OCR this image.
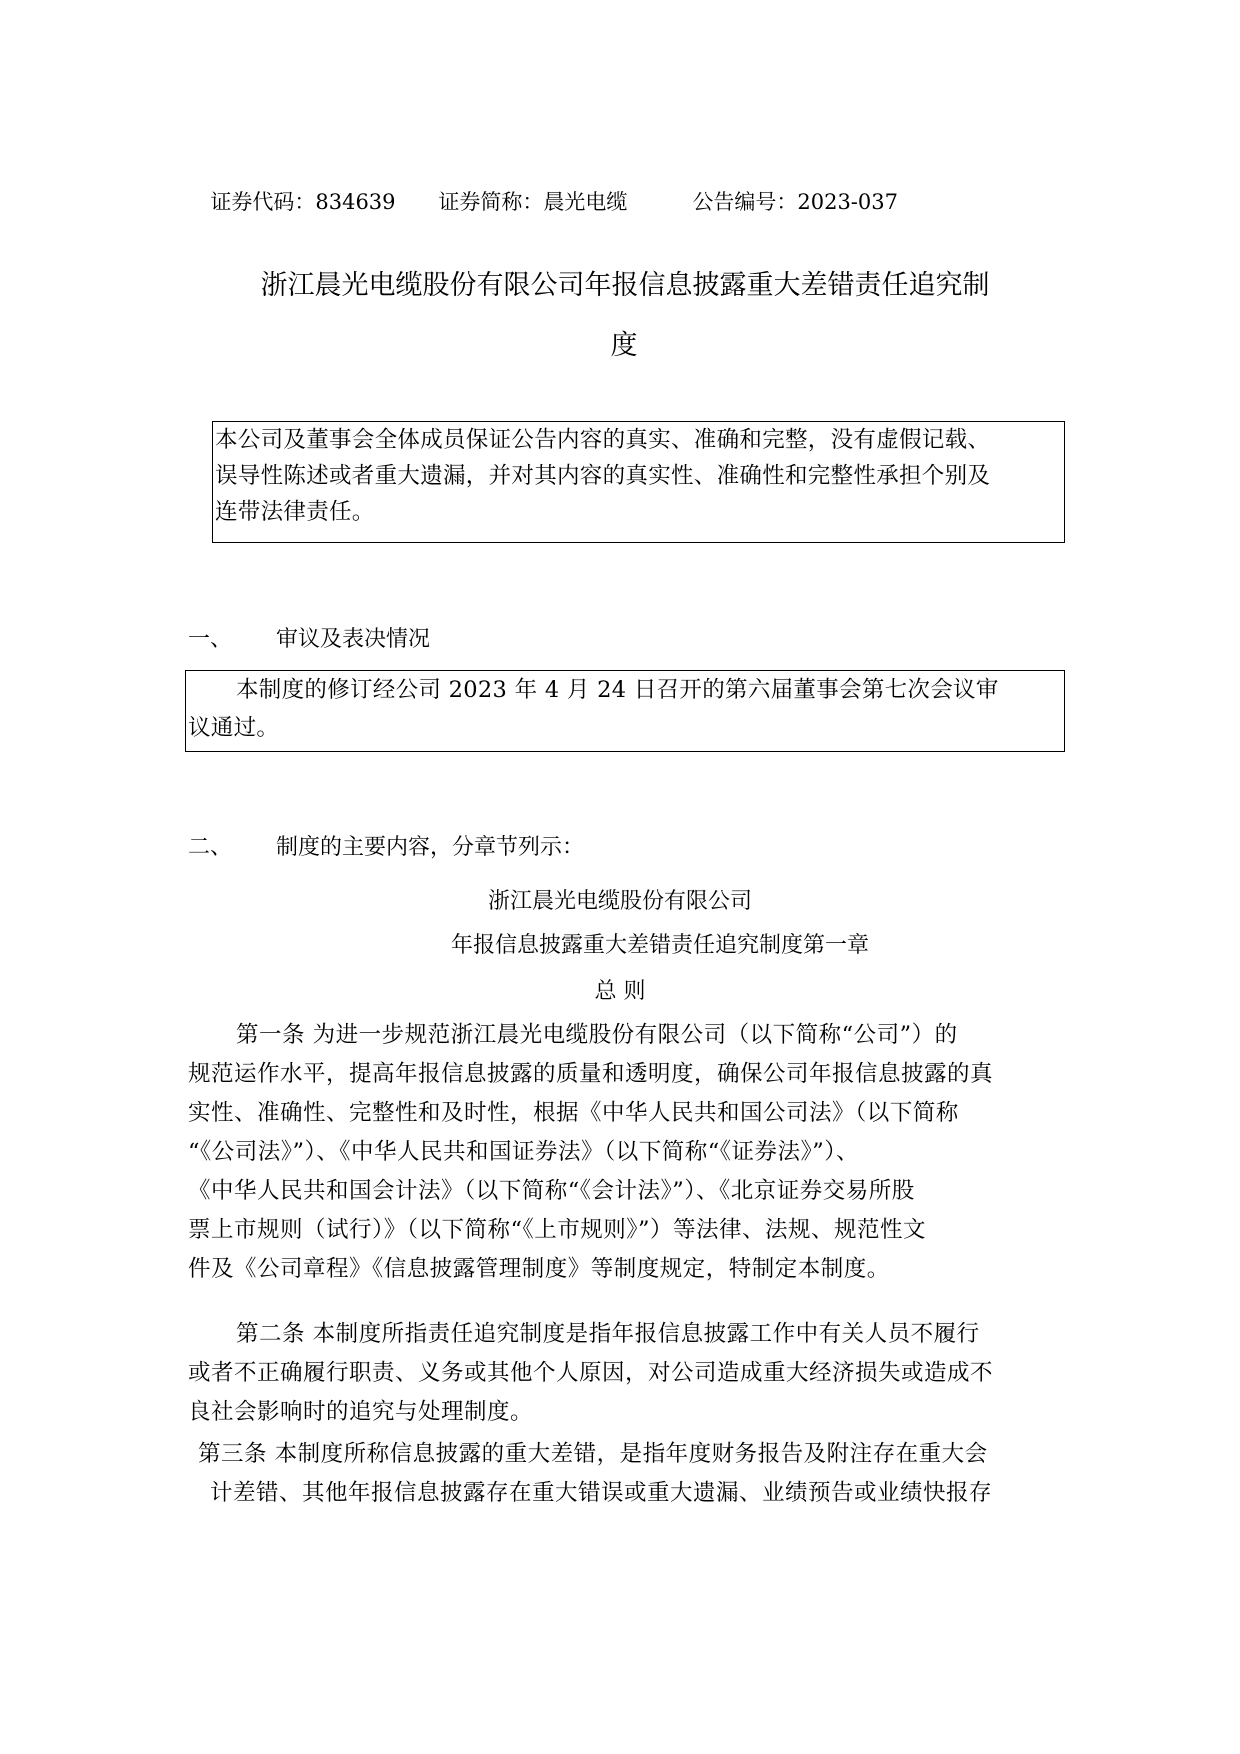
证券代码：834639 证券简称：晨光电缆	公告编号：2023-037

浙江晨光电缆股份有限公司年报信息披露重大差错责任追究制
度

本公司及董事会全体成员保证公告内容的真实、准确和完整，没有虚假记载、

误导性陈述或者重大遗漏，并对其内容的真实性、准确性和完整性承担个别及

连带法律责任。

一、 审议及表决情况

本制度的修订经公司 2023 年 4 月 24 日召开的第六届董事会第七次会议审

议通过。

二、 制度的主要内容，分章节列示：
浙江晨光电缆股份有限公司
年报信息披露重大差错责任追究制度第一章
总 则

第一条 为进一步规范浙江晨光电缆股份有限公司（以下简称“公司”）的

规范运作水平，提高年报信息披露的质量和透明度，确保公司年报信息披露的真

实性、准确性、完整性和及时性，根据《中华人民共和国公司法》（以下简称

“《公司法》”）、《中华人民共和国证券法》（以下简称“《证券法》”）、

《中华人民共和国会计法》（以下简称“《会计法》”）、《北京证券交易所股

票上市规则（试行）》（以下简称“《上市规则》”）等法律、法规、规范性文

件及《公司章程》《信息披露管理制度》等制度规定，特制定本制度。

第二条 本制度所指责任追究制度是指年报信息披露工作中有关人员不履行

或者不正确履行职责、义务或其他个人原因，对公司造成重大经济损失或造成不

良社会影响时的追究与处理制度。

第三条 本制度所称信息披露的重大差错，是指年度财务报告及附注存在重大会

计差错、其他年报信息披露存在重大错误或重大遗漏、业绩预告或业绩快报存
